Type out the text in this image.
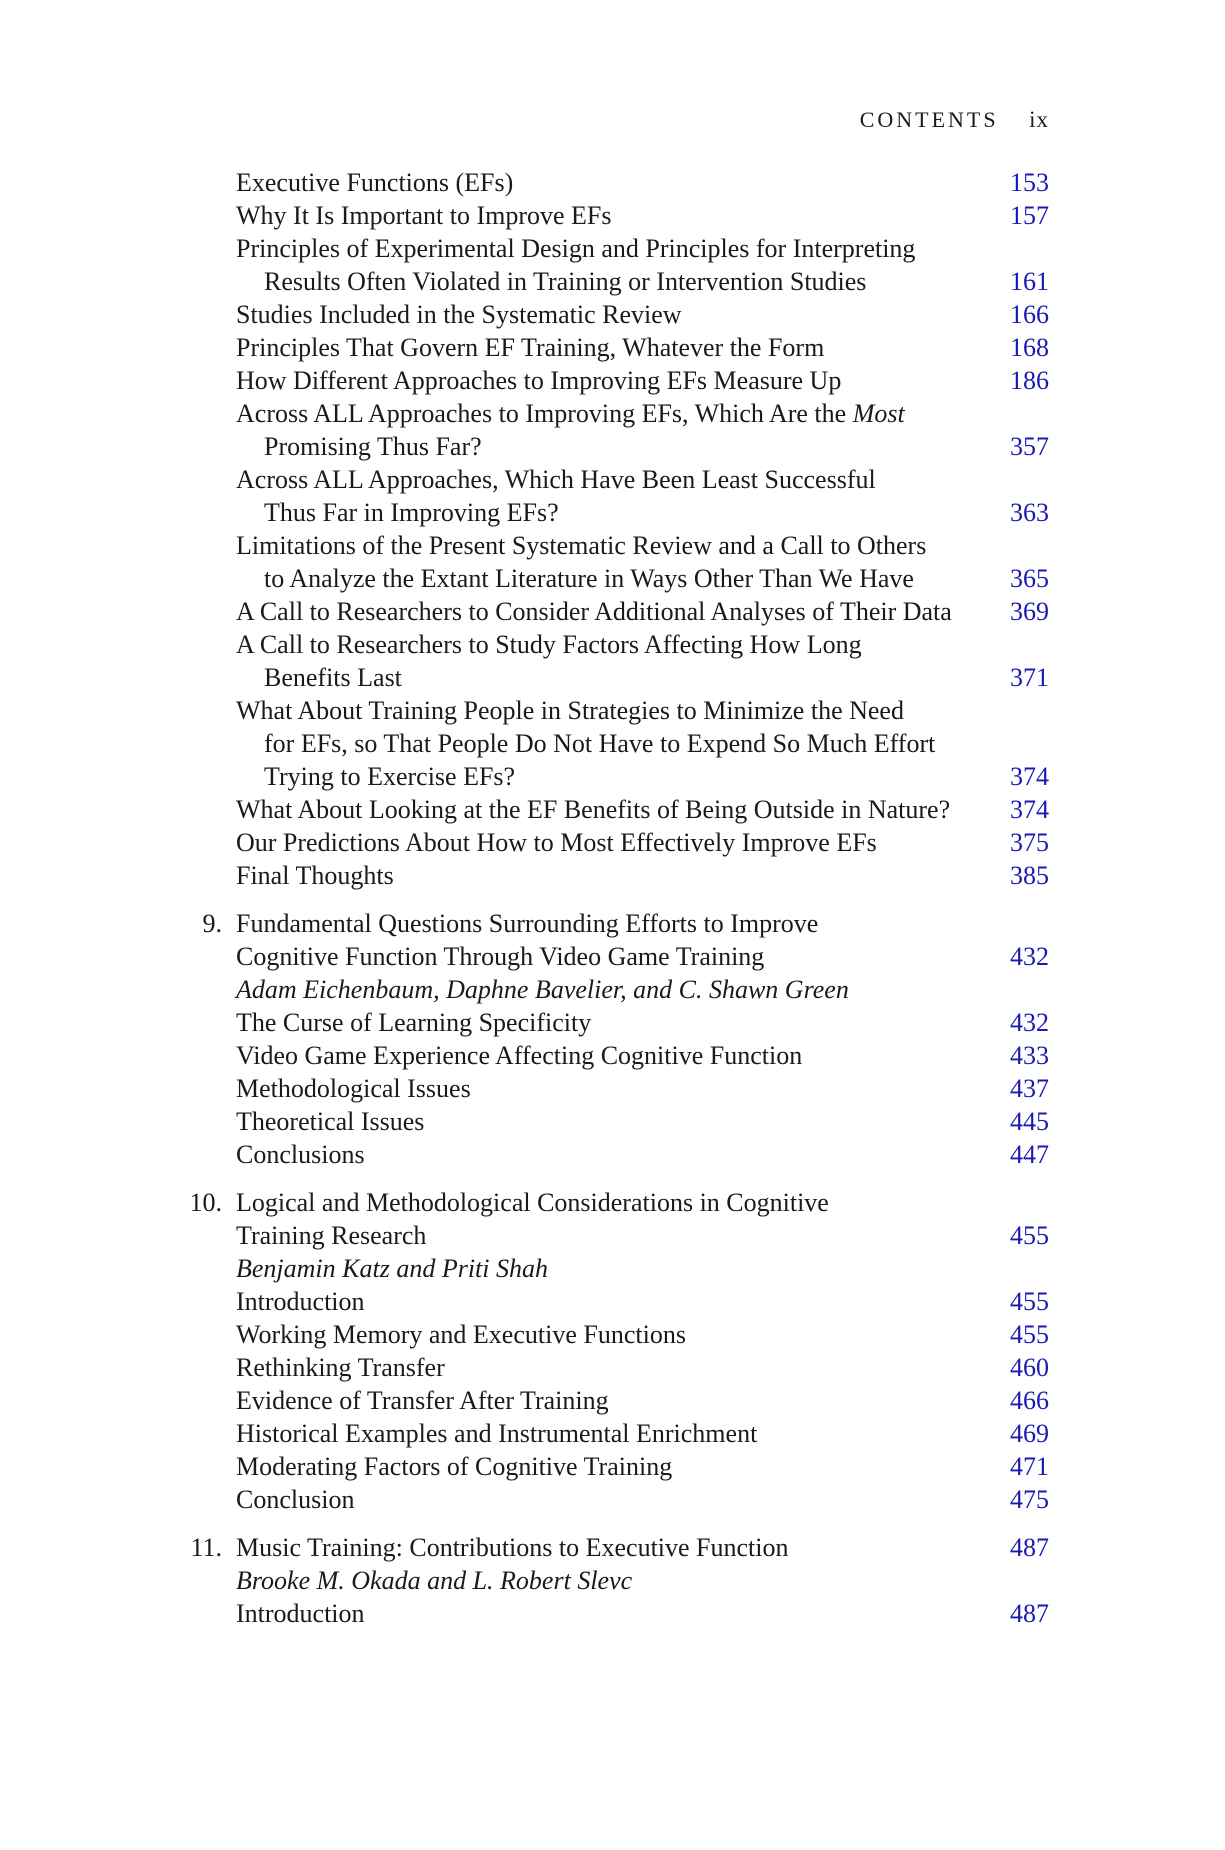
CONTENTS ix
Executive Functions (EFs)	153
Why It Is Important to Improve EFs	157
Principles of Experimental Design and Principles for Interpreting
Results Often Violated in Training or Intervention Studies	161
Studies Included in the Systematic Review	166
Principles That Govern EF Training, Whatever the Form	168
How Different Approaches to Improving EFs Measure Up	186
Across ALL Approaches to Improving EFs, Which Are the Most
Promising Thus Far?	357
Across ALL Approaches, Which Have Been Least Successful
Thus Far in Improving EFs?	363
Limitations of the Present Systematic Review and a Call to Others
to Analyze the Extant Literature in Ways Other Than We Have	365
A Call to Researchers to Consider Additional Analyses of Their Data 369
A Call to Researchers to Study Factors Affecting How Long
Benefits Last	371
What About Training People in Strategies to Minimize the Need
for EFs, so That People Do Not Have to Expend So Much Effort
Trying to Exercise EFs?	374
What About Looking at the EF Benefits of Being Outside in Nature? 374
Our Predictions About How to Most Effectively Improve EFs	375
Final Thoughts	385
9. Fundamental Questions Surrounding Efforts to Improve
Cognitive Function Through Video Game Training	432
Adam Eichenbaum, Daphne Bavelier, and C. Shawn Green
The Curse of Learning Specificity	432
Video Game Experience Affecting Cognitive Function	433
Methodological Issues	437
Theoretical Issues	445
Conclusions	447
10. Logical and Methodological Considerations in Cognitive
Training Research	455
Benjamin Katz and Priti Shah
Introduction	455
Working Memory and Executive Functions	455
Rethinking Transfer	460
Evidence of Transfer After Training	466
Historical Examples and Instrumental Enrichment	469
Moderating Factors of Cognitive Training	471
Conclusion	475
11. Music Training: Contributions to Executive Function	487
Brooke M. Okada and L. Robert Slevc
Introduction	487
